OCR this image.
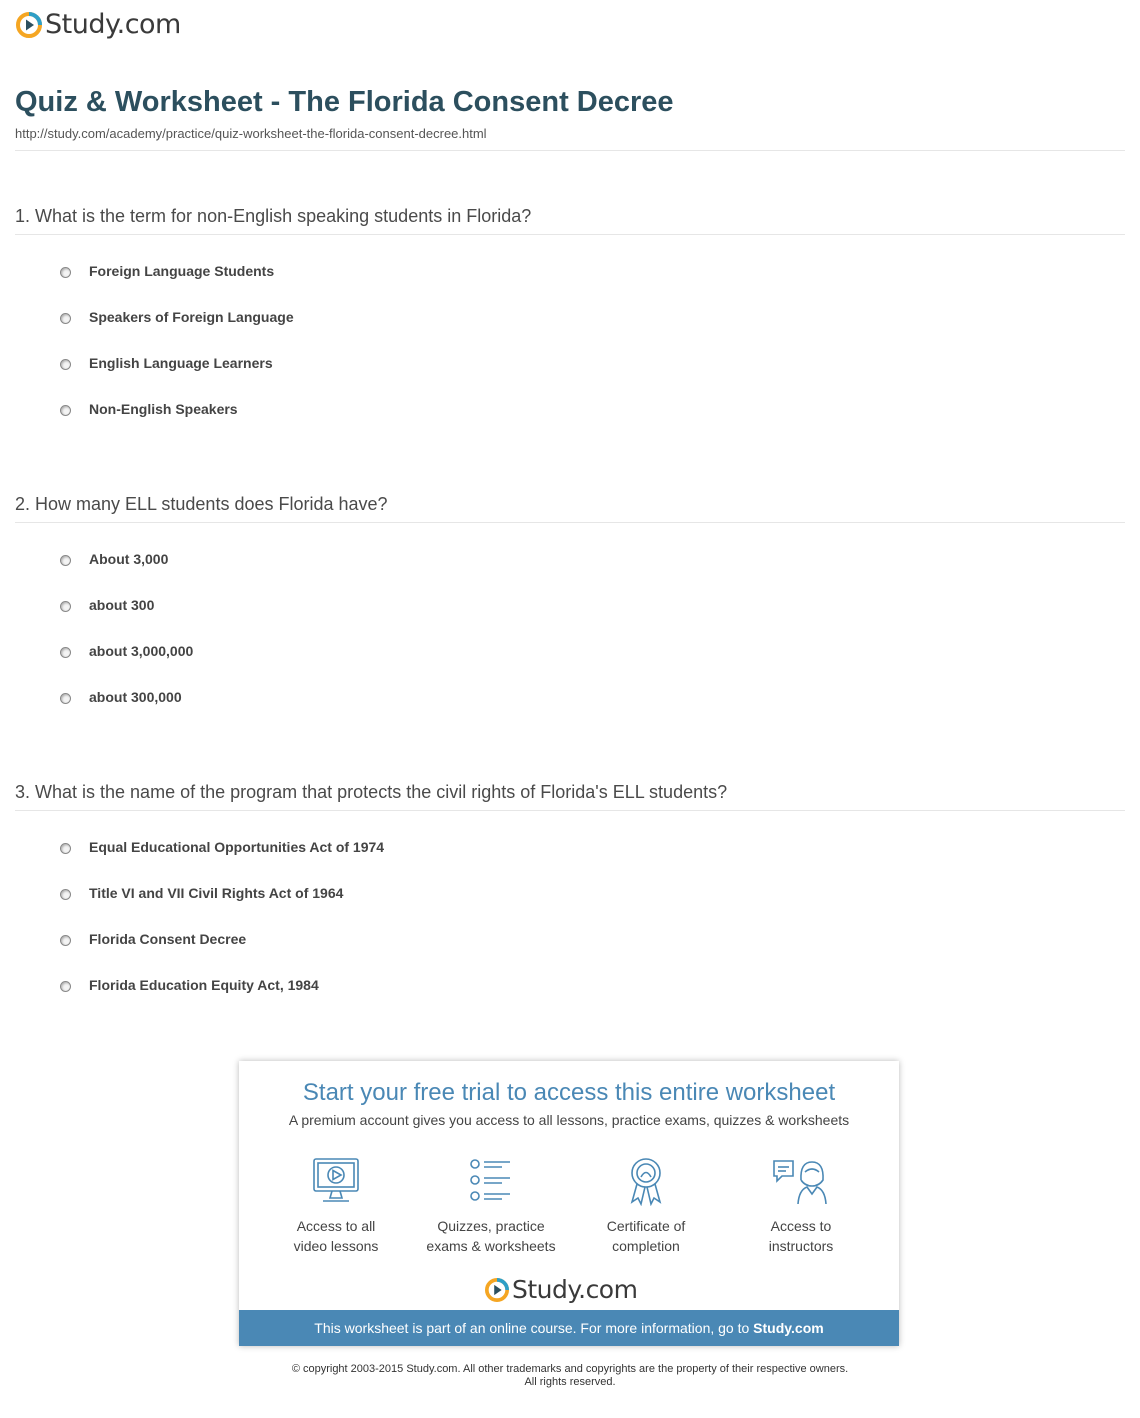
Study.com
Quiz & Worksheet - The Florida Consent Decree
http://study.com/academy/practice/quiz-worksheet-the-florida-consent-decree.html
1. What is the term for non-English speaking students in Florida?
Foreign Language Students
Speakers of Foreign Language
English Language Learners
Non-English Speakers
2. How many ELL students does Florida have?
About 3,000
about 300
about 3,000,000
about 300,000
3. What is the name of the program that protects the civil rights of Florida's ELL students?
Equal Educational Opportunities Act of 1974
Title VI and VII Civil Rights Act of 1964
Florida Consent Decree
Florida Education Equity Act, 1984
Start your free trial to access this entire worksheet
A premium account gives you access to all lessons, practice exams, quizzes & worksheets
Access to all
video lessons
Quizzes, practice
exams & worksheets
Certificate of
completion
Access to
instructors
Study.com
This worksheet is part of an online course. For more information, go to Study.com
© copyright 2003-2015 Study.com. All other trademarks and copyrights are the property of their respective owners.
All rights reserved.
